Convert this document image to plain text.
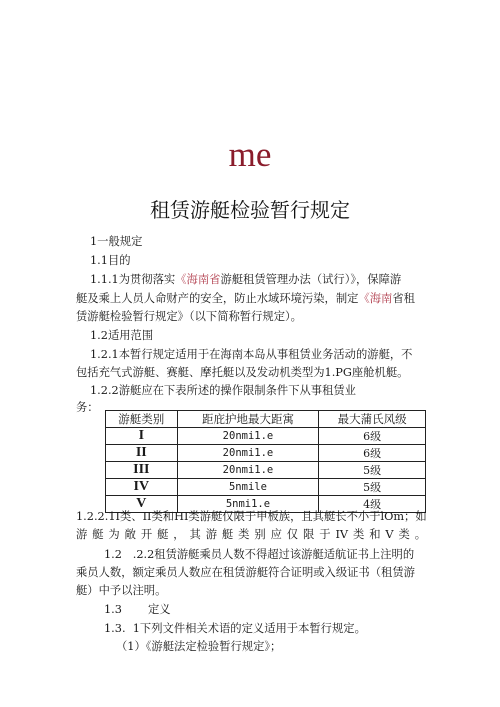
me
租赁游艇检验暂行规定
1一般规定
1.1目的
1.1.1为贯彻落实《海南省游艇租赁管理办法（试行）》，保障游
艇及乘上人员人命财产的安全，防止水域环境污染，制定《海南省租
赁游艇检验暂行规定》（以下简称暂行规定）。
1.2适用范围
1.2.1本暂行规定适用于在海南本岛从事租赁业务活动的游艇，不
包括充气式游艇、赛艇、摩托艇以及发动机类型为1.PG座舱机艇。
1.2.2游艇应在下表所述的操作限制条件下从事租赁业
务：
游艇类别	距庇护地最大距寓	最大蒲氏风级
I	20nmi1.e	6级
II	20nmi1.e	6级
III	20nmi1.e	5级
IV	5nmile	5级
V	5nmi1.e	4级
1.2.2.1I类、II类和HI类游艇仅限于甲板族，且其艇长不小于lOm；如
游艇为敞开艇，其游艇类别应仅限于IV类和V类。
1.2   .2.2租赁游艇乘员人数不得超过该游艇适航证书上注明的
乘员人数，额定乘员人数应在租赁游艇符合证明或入级证书（租赁游
艇）中予以注明。
1.3 定义
1.3.  1下列文件相关术语的定义适用于本暂行规定。
（1）《游艇法定检验暂行规定》；
